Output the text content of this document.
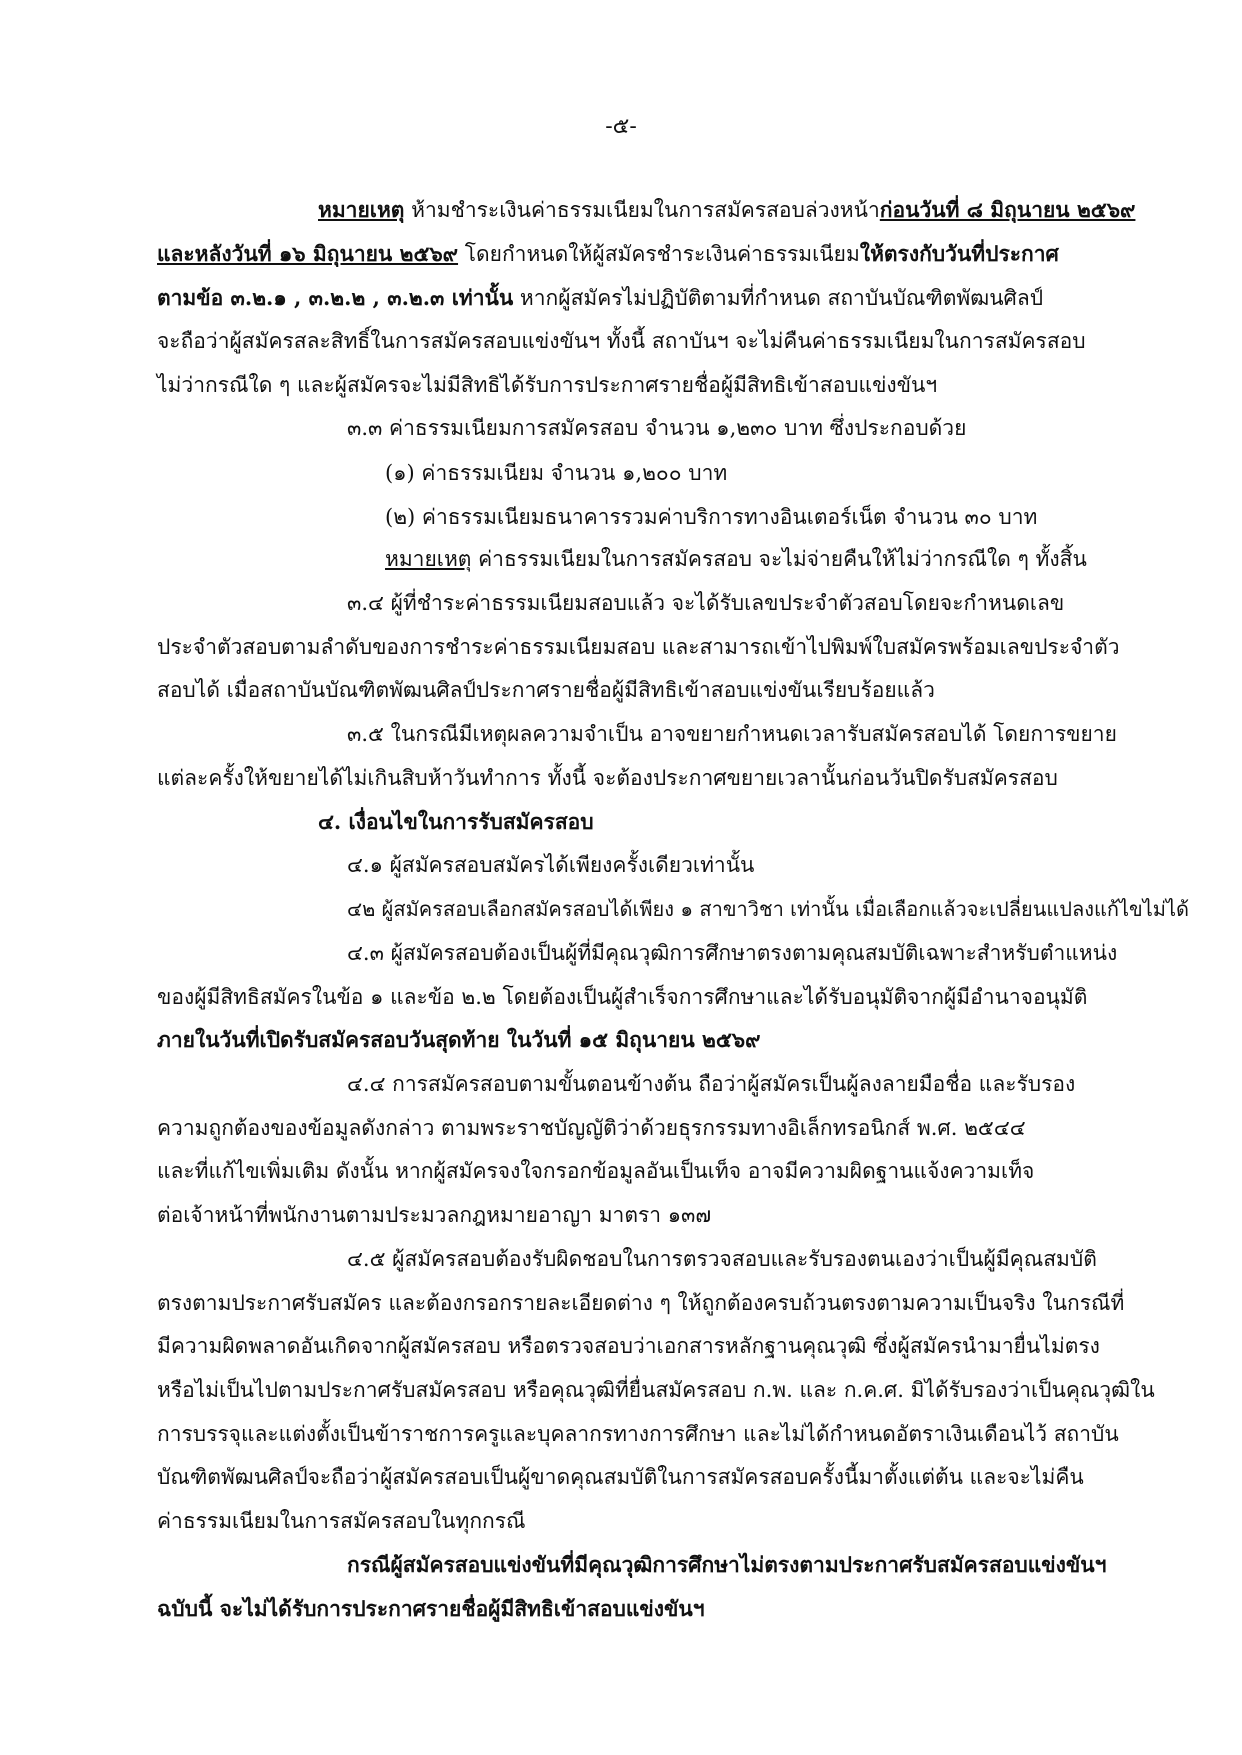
-๕-
หมายเหตุ ห้ามชำระเงินค่าธรรมเนียมในการสมัครสอบล่วงหน้าก่อนวันที่ ๘ มิถุนายน ๒๕๖๙
และหลังวันที่ ๑๖ มิถุนายน ๒๕๖๙ โดยกำหนดให้ผู้สมัครชำระเงินค่าธรรมเนียมให้ตรงกับวันที่ประกาศ
ตามข้อ ๓.๒.๑ , ๓.๒.๒ , ๓.๒.๓ เท่านั้น หากผู้สมัครไม่ปฏิบัติตามที่กำหนด สถาบันบัณฑิตพัฒนศิลป์
จะถือว่าผู้สมัครสละสิทธิ์ในการสมัครสอบแข่งขันฯ ทั้งนี้ สถาบันฯ จะไม่คืนค่าธรรมเนียมในการสมัครสอบ
ไม่ว่ากรณีใด ๆ และผู้สมัครจะไม่มีสิทธิได้รับการประกาศรายชื่อผู้มีสิทธิเข้าสอบแข่งขันฯ
๓.๓ ค่าธรรมเนียมการสมัครสอบ จำนวน ๑,๒๓๐ บาท ซึ่งประกอบด้วย
(๑) ค่าธรรมเนียม จำนวน ๑,๒๐๐ บาท
(๒) ค่าธรรมเนียมธนาคารรวมค่าบริการทางอินเตอร์เน็ต จำนวน ๓๐ บาท
หมายเหตุ ค่าธรรมเนียมในการสมัครสอบ จะไม่จ่ายคืนให้ไม่ว่ากรณีใด ๆ ทั้งสิ้น
๓.๔ ผู้ที่ชำระค่าธรรมเนียมสอบแล้ว จะได้รับเลขประจำตัวสอบโดยจะกำหนดเลข
ประจำตัวสอบตามลำดับของการชำระค่าธรรมเนียมสอบ และสามารถเข้าไปพิมพ์ใบสมัครพร้อมเลขประจำตัว
สอบได้ เมื่อสถาบันบัณฑิตพัฒนศิลป์ประกาศรายชื่อผู้มีสิทธิเข้าสอบแข่งขันเรียบร้อยแล้ว
๓.๕ ในกรณีมีเหตุผลความจำเป็น อาจขยายกำหนดเวลารับสมัครสอบได้ โดยการขยาย
แต่ละครั้งให้ขยายได้ไม่เกินสิบห้าวันทำการ ทั้งนี้ จะต้องประกาศขยายเวลานั้นก่อนวันปิดรับสมัครสอบ
๔. เงื่อนไขในการรับสมัครสอบ
๔.๑ ผู้สมัครสอบสมัครได้เพียงครั้งเดียวเท่านั้น
๔๒ ผู้สมัครสอบเลือกสมัครสอบได้เพียง ๑ สาขาวิชา เท่านั้น เมื่อเลือกแล้วจะเปลี่ยนแปลงแก้ไขไม่ได้
๔.๓ ผู้สมัครสอบต้องเป็นผู้ที่มีคุณวุฒิการศึกษาตรงตามคุณสมบัติเฉพาะสำหรับตำแหน่ง
ของผู้มีสิทธิสมัครในข้อ ๑ และข้อ ๒.๒ โดยต้องเป็นผู้สำเร็จการศึกษาและได้รับอนุมัติจากผู้มีอำนาจอนุมัติ
ภายในวันที่เปิดรับสมัครสอบวันสุดท้าย ในวันที่ ๑๕ มิถุนายน ๒๕๖๙
๔.๔ การสมัครสอบตามขั้นตอนข้างต้น ถือว่าผู้สมัครเป็นผู้ลงลายมือชื่อ และรับรอง
ความถูกต้องของข้อมูลดังกล่าว ตามพระราชบัญญัติว่าด้วยธุรกรรมทางอิเล็กทรอนิกส์ พ.ศ. ๒๕๔๔
และที่แก้ไขเพิ่มเติม ดังนั้น หากผู้สมัครจงใจกรอกข้อมูลอันเป็นเท็จ อาจมีความผิดฐานแจ้งความเท็จ
ต่อเจ้าหน้าที่พนักงานตามประมวลกฎหมายอาญา มาตรา ๑๓๗
๔.๕ ผู้สมัครสอบต้องรับผิดชอบในการตรวจสอบและรับรองตนเองว่าเป็นผู้มีคุณสมบัติ
ตรงตามประกาศรับสมัคร และต้องกรอกรายละเอียดต่าง ๆ ให้ถูกต้องครบถ้วนตรงตามความเป็นจริง ในกรณีที่
มีความผิดพลาดอันเกิดจากผู้สมัครสอบ หรือตรวจสอบว่าเอกสารหลักฐานคุณวุฒิ ซึ่งผู้สมัครนำมายื่นไม่ตรง
หรือไม่เป็นไปตามประกาศรับสมัครสอบ หรือคุณวุฒิที่ยื่นสมัครสอบ ก.พ. และ ก.ค.ศ. มิได้รับรองว่าเป็นคุณวุฒิใน
การบรรจุและแต่งตั้งเป็นข้าราชการครูและบุคลากรทางการศึกษา และไม่ได้กำหนดอัตราเงินเดือนไว้ สถาบัน
บัณฑิตพัฒนศิลป์จะถือว่าผู้สมัครสอบเป็นผู้ขาดคุณสมบัติในการสมัครสอบครั้งนี้มาตั้งแต่ต้น และจะไม่คืน
ค่าธรรมเนียมในการสมัครสอบในทุกกรณี
กรณีผู้สมัครสอบแข่งขันที่มีคุณวุฒิการศึกษาไม่ตรงตามประกาศรับสมัครสอบแข่งขันฯ
ฉบับนี้ จะไม่ได้รับการประกาศรายชื่อผู้มีสิทธิเข้าสอบแข่งขันฯ
